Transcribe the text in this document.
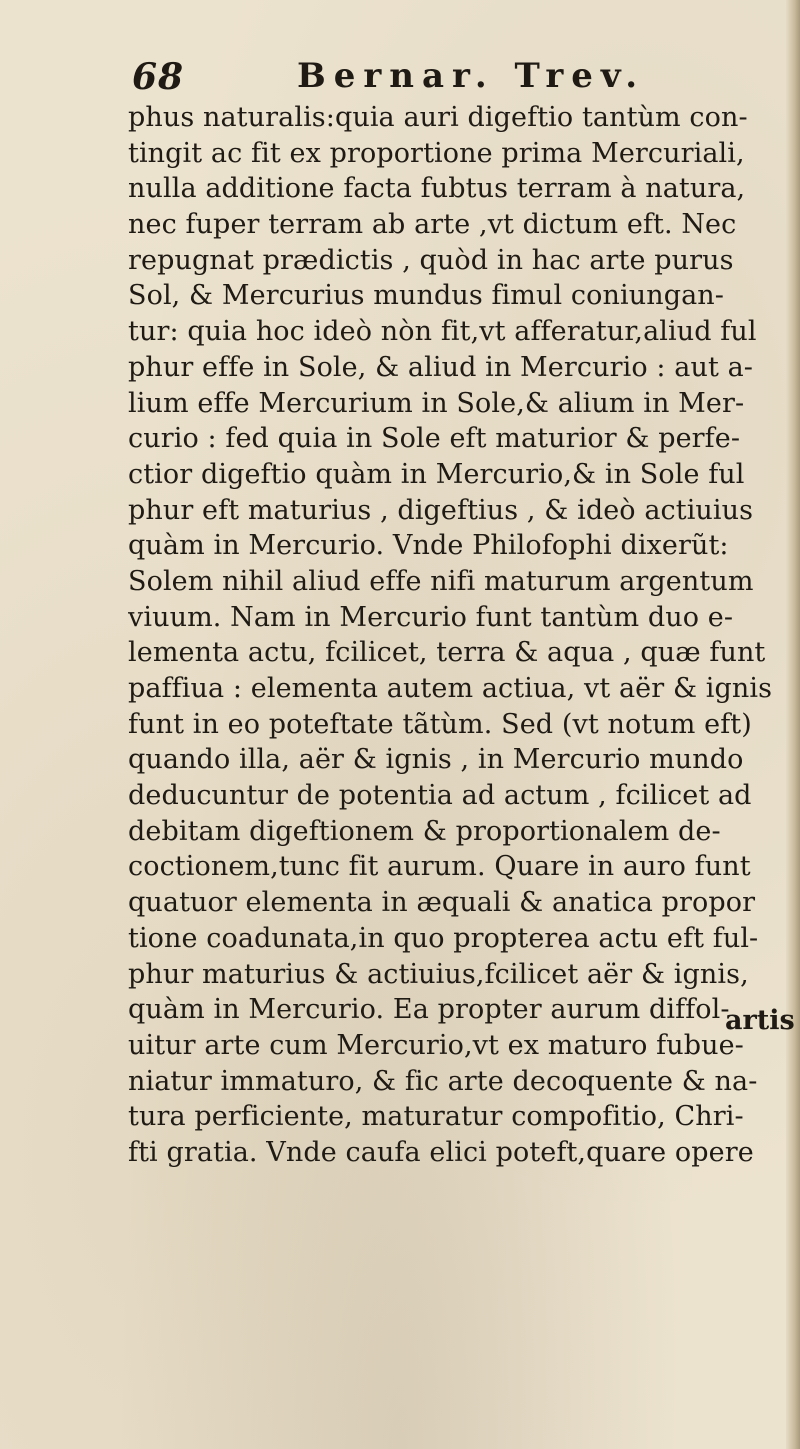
68	Bernar. Trev.
phus naturalis:quia auri digeftio tantùm con-
tingit ac fit ex proportione prima Mercuriali,
nulla additione facta fubtus terram à natura,
nec fuper terram ab arte ,vt dictum eft. Nec
repugnat prædictis , quòd in hac arte purus
Sol, & Mercurius mundus fimul coniungan-
tur: quia hoc ideò nòn fit,vt afferatur,aliud ful
phur effe in Sole, & aliud in Mercurio : aut a-
lium effe Mercurium in Sole,& alium in Mer-
curio : fed quia in Sole eft maturior & perfe-
ctior digeftio quàm in Mercurio,& in Sole ful
phur eft maturius , digeftius , & ideò actiuius
quàm in Mercurio. Vnde Philofophi dixerũt:
Solem nihil aliud effe nifi maturum argentum
viuum. Nam in Mercurio funt tantùm duo e-
lementa actu, fcilicet, terra & aqua , quæ funt
paffiua : elementa autem actiua, vt aër & ignis
funt in eo poteftate tãtùm. Sed (vt notum eft)
quando illa, aër & ignis , in Mercurio mundo
deducuntur de potentia ad actum , fcilicet ad
debitam digeftionem & proportionalem de-
coctionem,tunc fit aurum. Quare in auro funt
quatuor elementa in æquali & anatica propor
tione coadunata,in quo propterea actu eft ful-
phur maturius & actiuius,fcilicet aër & ignis,
quàm in Mercurio. Ea propter aurum diffol-
uitur arte cum Mercurio,vt ex maturo fubue-
niatur immaturo, & fic arte decoquente & na-
tura perficiente, maturatur compofitio, Chri-
fti gratia. Vnde caufa elici poteft,quare opere
artis
